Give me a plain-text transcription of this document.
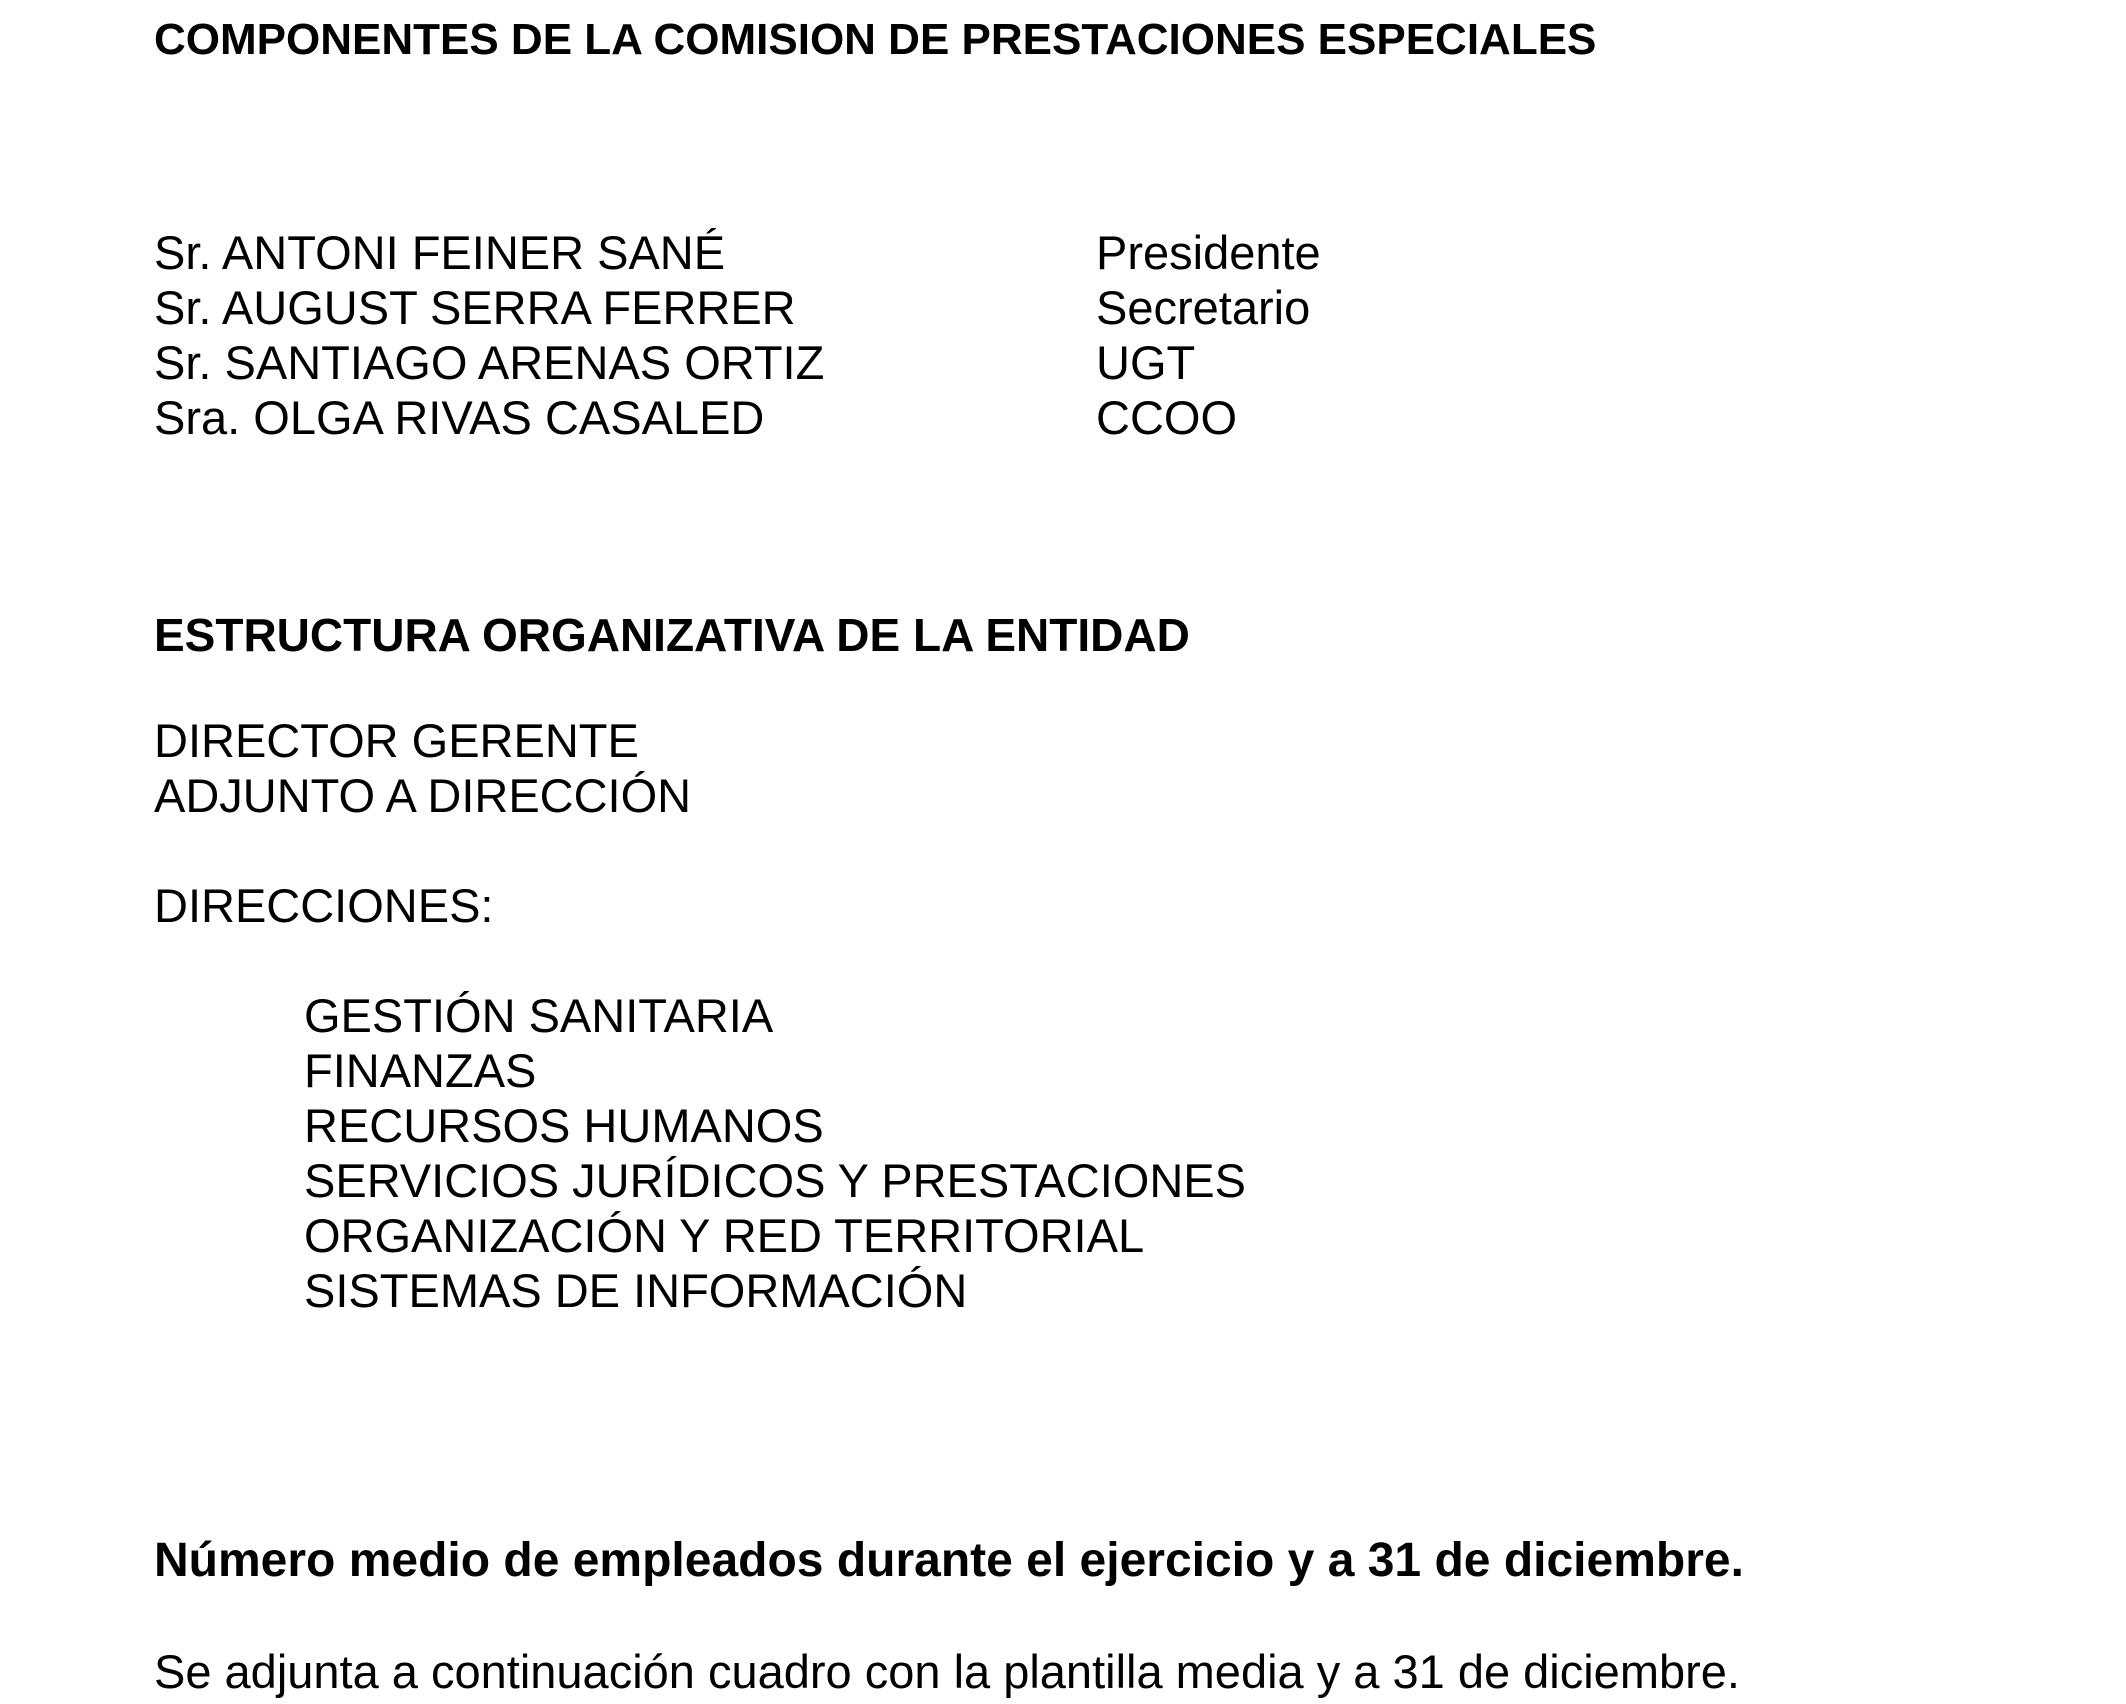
COMPONENTES DE LA COMISION DE PRESTACIONES ESPECIALES
Sr. ANTONI FEINER SANÉ	Presidente
Sr. AUGUST SERRA FERRER	Secretario
Sr. SANTIAGO ARENAS ORTIZ	UGT
Sra. OLGA RIVAS CASALED	CCOO
ESTRUCTURA ORGANIZATIVA DE LA ENTIDAD
DIRECTOR GERENTE
ADJUNTO A DIRECCIÓN
DIRECCIONES:
GESTIÓN SANITARIA
FINANZAS
RECURSOS HUMANOS
SERVICIOS JURÍDICOS Y PRESTACIONES
ORGANIZACIÓN Y RED TERRITORIAL
SISTEMAS DE INFORMACIÓN
Número medio de empleados durante el ejercicio y a 31 de diciembre.
Se adjunta a continuación cuadro con la plantilla media y a 31 de diciembre.
